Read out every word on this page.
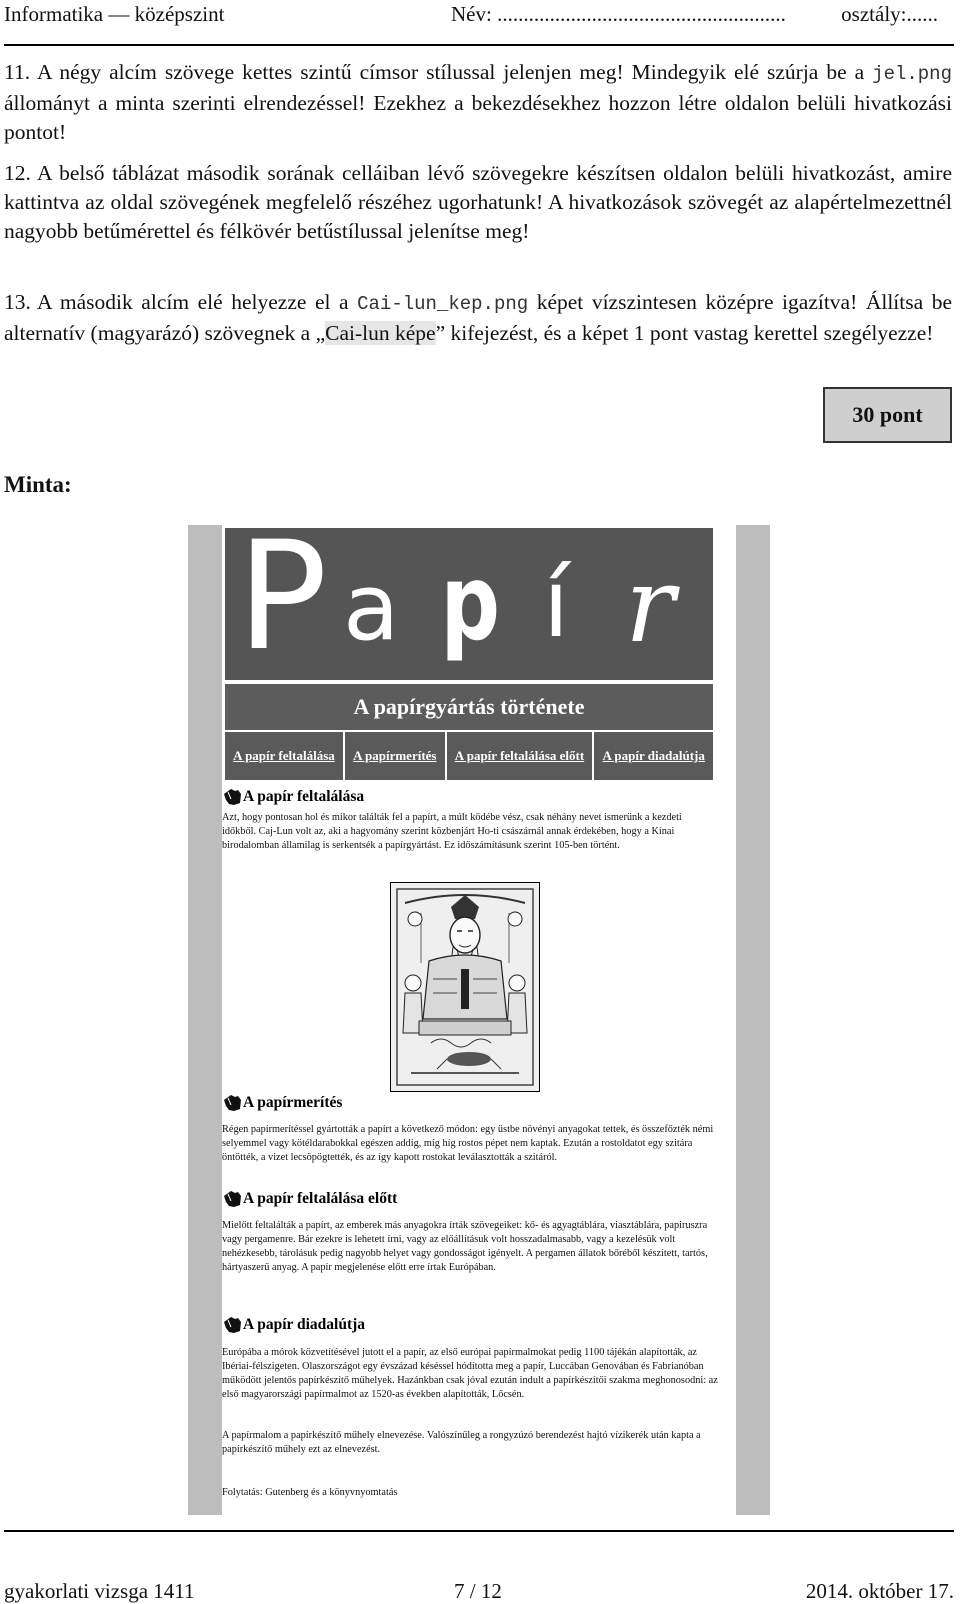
Informatika — középszint	Név: .......................................................	osztály:......
11. A négy alcím szövege kettes szintű címsor stílussal jelenjen meg! Mindegyik elé szúrja be a jel.png állományt a minta szerinti elrendezéssel! Ezekhez a bekezdésekhez hozzon létre oldalon belüli hivatkozási pontot!
12. A belső táblázat második sorának celláiban lévő szövegekre készítsen oldalon belüli hivatkozást, amire kattintva az oldal szövegének megfelelő részéhez ugorhatunk! A hivatkozások szövegét az alapértelmezettnél nagyobb betűmérettel és félkövér betűstílussal jelenítse meg!
13. A második alcím elé helyezze el a Cai-lun_kep.png képet vízszintesen középre igazítva! Állítsa be alternatív (magyarázó) szövegnek a „Cai-lun képe” kifejezést, és a képet 1 pont vastag kerettel szegélyezze!
30 pont
Minta:
P a p í r
A papírgyártás története
A papír feltalálása	A papírmerítés	A papír feltalálása előtt	A papír diadalútja
A papír feltalálása

Azt, hogy pontosan hol és mikor találták fel a papírt, a múlt ködébe vész, csak néhány nevet ismerünk a kezdeti időkből. Caj-Lun volt az, aki a hagyomány szerint közbenjárt Ho-ti császárnál annak érdekében, hogy a Kínai birodalomban államilag is serkentsék a papírgyártást. Ez időszámításunk szerint 105-ben történt.

A papírmerítés

Régen papírmerítéssel gyártották a papírt a következő módon: egy üstbe növényi anyagokat tettek, és összefőzték némi selyemmel vagy kötéldarabokkal egészen addig, míg híg rostos pépet nem kaptak. Ezután a rostoldatot egy szitára öntötték, a vizet lecsöpögtették, és az így kapott rostokat leválasztották a szitáról.

A papír feltalálása előtt

Mielőtt feltalálták a papírt, az emberek más anyagokra írták szövegeiket: kő- és agyagtáblára, viasztáblára, papiruszra vagy pergamenre. Bár ezekre is lehetett írni, vagy az előállításuk volt hosszadalmasabb, vagy a kezelésük volt nehézkesebb, tárolásuk pedig nagyobb helyet vagy gondosságot igényelt. A pergamen állatok bőréből készített, tartós, hártyaszerű anyag. A papír megjelenése előtt erre írtak Európában.

A papír diadalútja

Európába a mórok közvetítésével jutott el a papír, az első európai papírmalmokat pedig 1100 tájékán alapították, az Ibériai-félszigeten. Olaszországot egy évszázad késéssel hódította meg a papír, Luccában Genovában és Fabrianóban működött jelentős papírkészítő műhelyek. Hazánkban csak jóval ezután indult a papírkészítői szakma meghonosodni: az első magyarországi papírmalmot az 1520-as években alapították, Lőcsén.

A papírmalom a papírkészítő műhely elnevezése. Valószínűleg a rongyzúzó berendezést hajtó vízikerék után kapta a papírkészítő műhely ezt az elnevezést.

Folytatás: Gutenberg és a könyvnyomtatás
gyakorlati vizsga 1411	7 / 12	2014. október 17.
